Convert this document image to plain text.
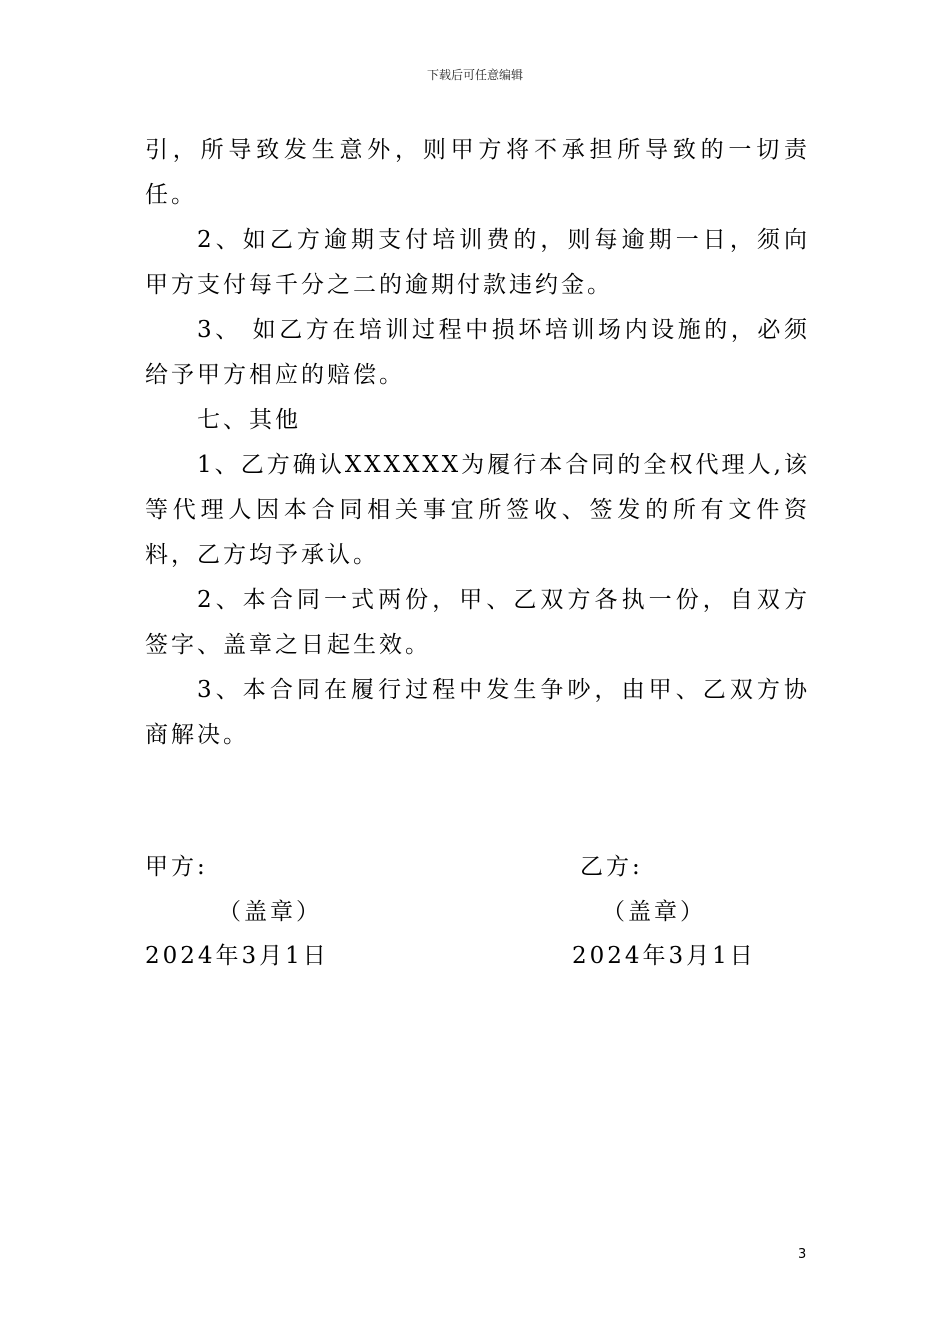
下载后可任意编辑

引，所导致发生意外，则甲方将不承担所导致的一切责任。

2、如乙方逾期支付培训费的，则每逾期一日，须向甲方支付每千分之二的逾期付款违约金。

3、 如乙方在培训过程中损坏培训场内设施的，必须给予甲方相应的赔偿。

七、其他

1、乙方确认XXXXXX为履行本合同的全权代理人,该等代理人因本合同相关事宜所签收、签发的所有文件资料，乙方均予承认。

2、本合同一式两份，甲、乙双方各执一份，自双方签字、盖章之日起生效。

3、本合同在履行过程中发生争吵，由甲、乙双方协商解决。

甲方:
（盖章）
2024年3月1日
乙方:
（盖章）
2024年3月1日
3
